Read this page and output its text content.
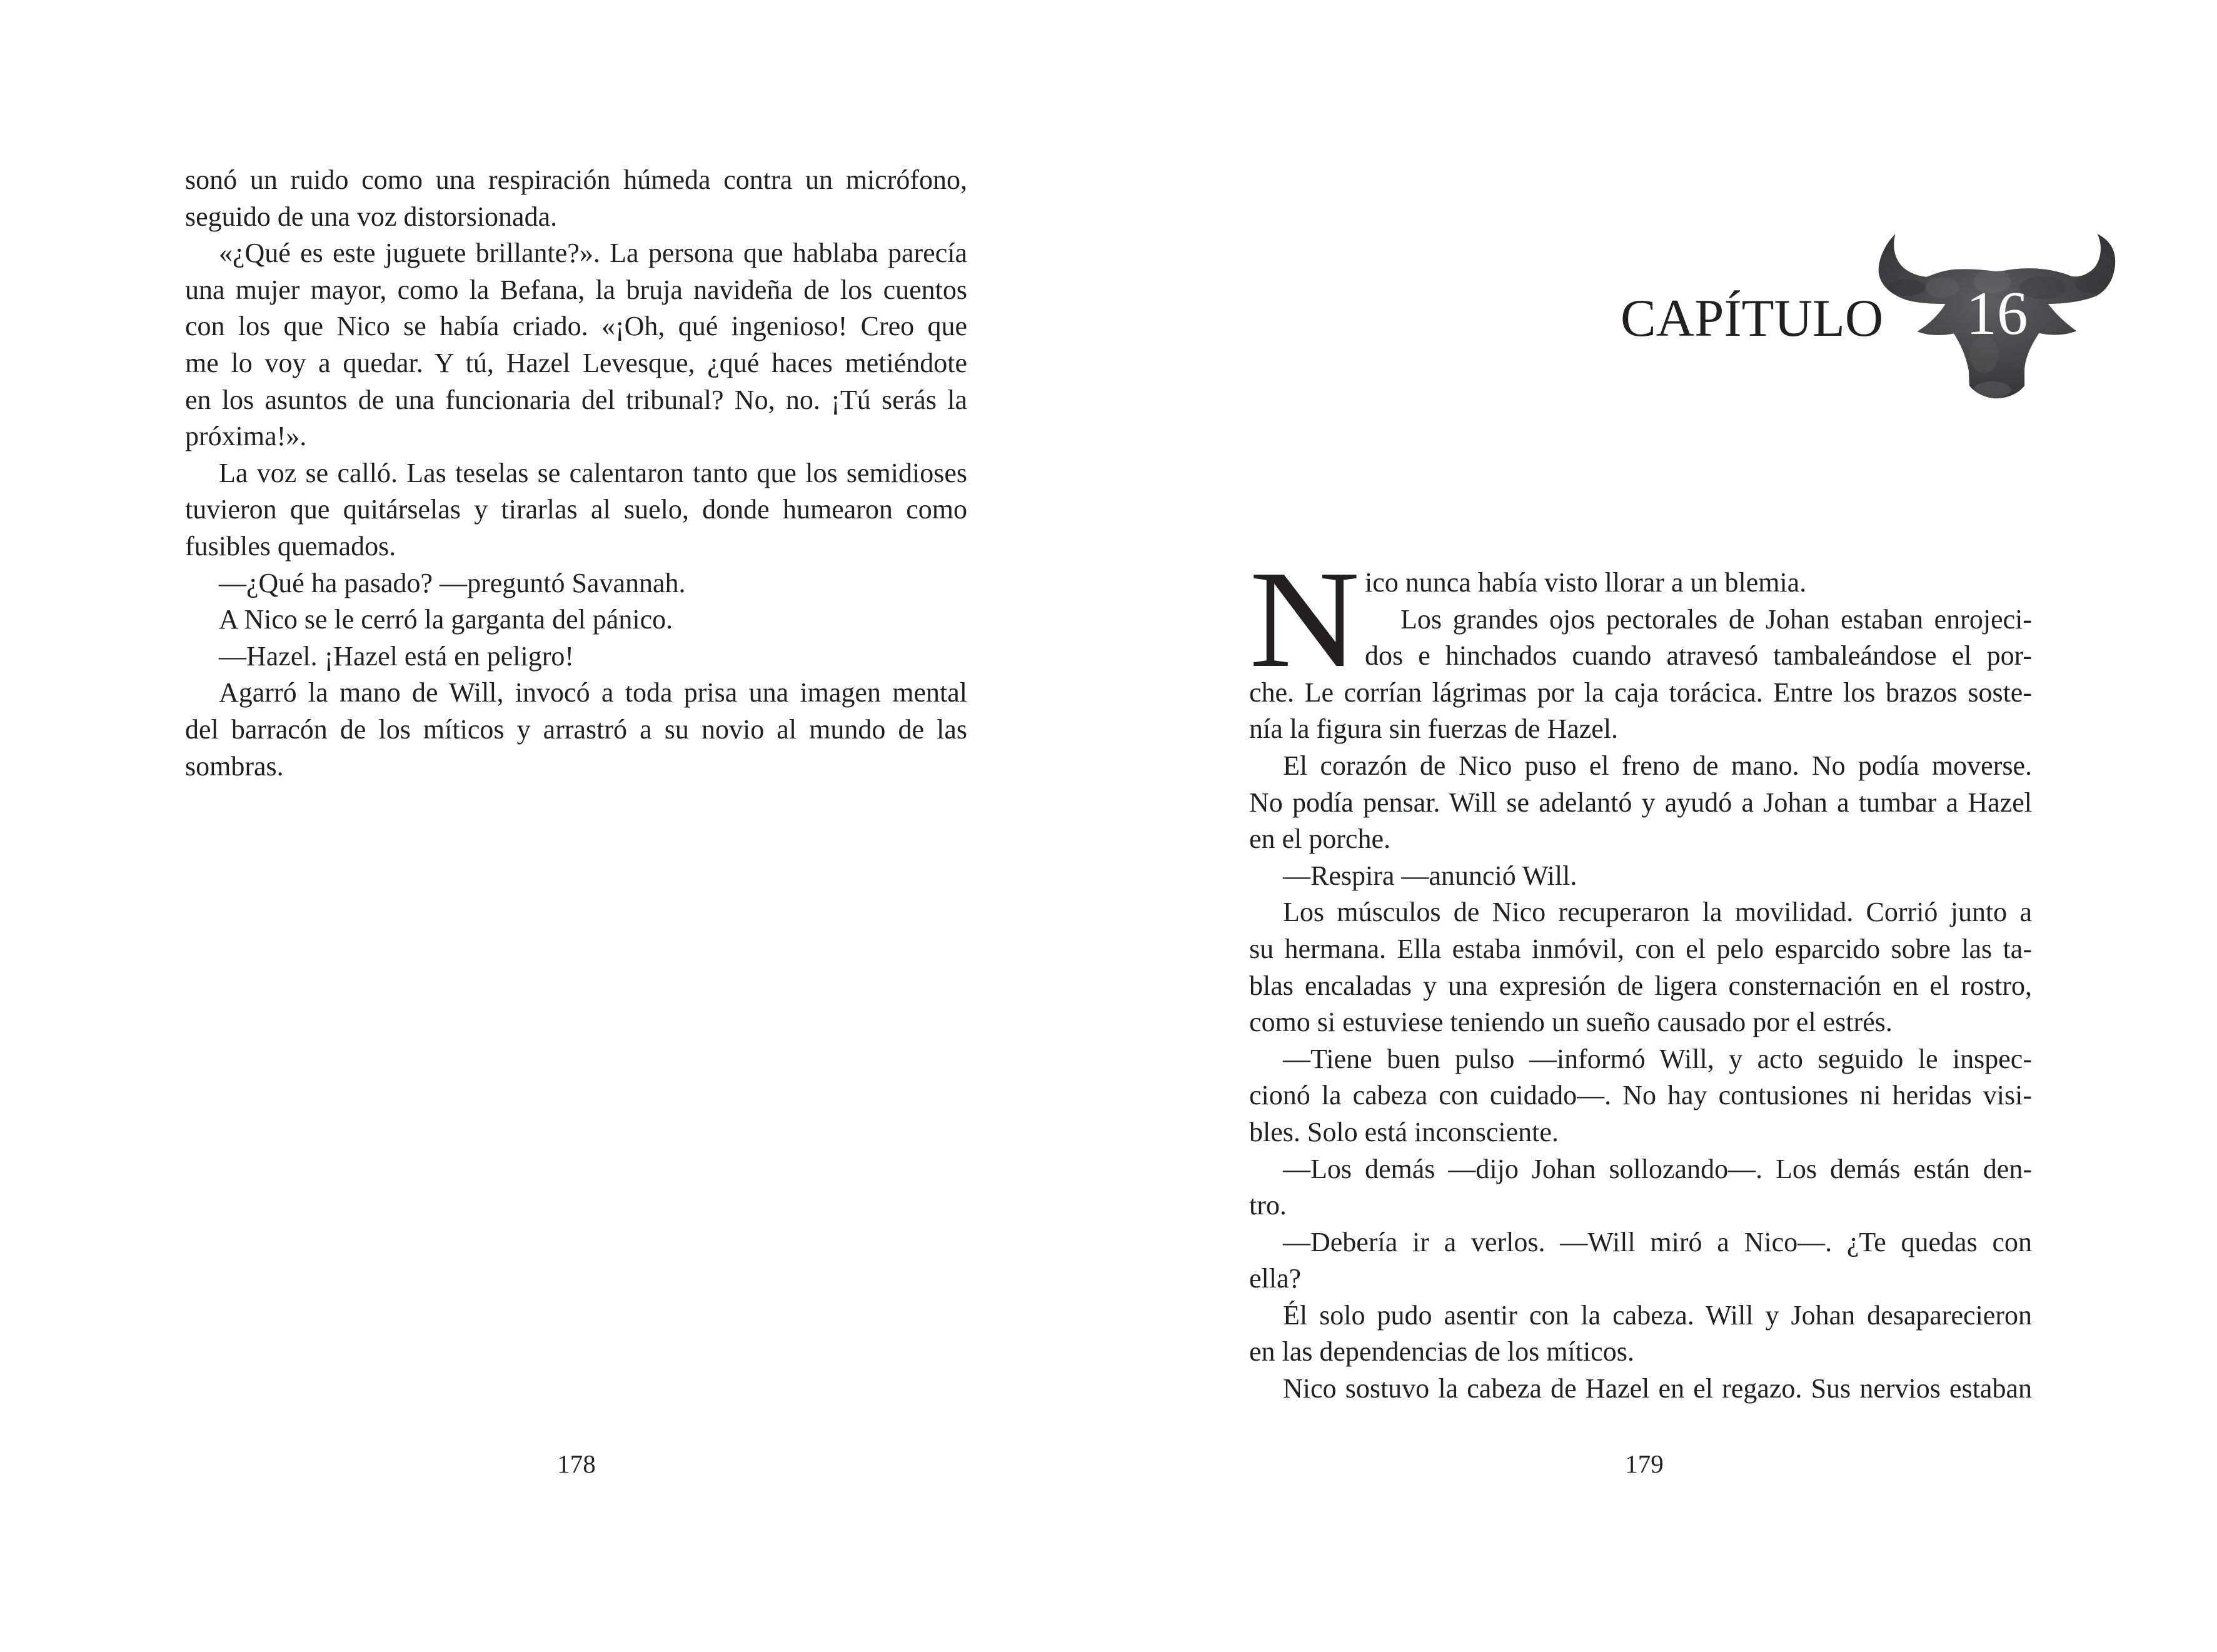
sonó un ruido como una respiración húmeda contra un micrófono,
seguido de una voz distorsionada.
«¿Qué es este juguete brillante?». La persona que hablaba parecía
una mujer mayor, como la Befana, la bruja navideña de los cuentos
con los que Nico se había criado. «¡Oh, qué ingenioso! Creo que
me lo voy a quedar. Y tú, Hazel Levesque, ¿qué haces metiéndote
en los asuntos de una funcionaria del tribunal? No, no. ¡Tú serás la
próxima!».
La voz se calló. Las teselas se calentaron tanto que los semidioses
tuvieron que quitárselas y tirarlas al suelo, donde humearon como
fusibles quemados.
—¿Qué ha pasado? —preguntó Savannah.
A Nico se le cerró la garganta del pánico.
—Hazel. ¡Hazel está en peligro!
Agarró la mano de Will, invocó a toda prisa una imagen mental
del barracón de los míticos y arrastró a su novio al mundo de las
sombras.
178
CAPÍTULO 16
N ico nunca había visto llorar a un blemia.
Los grandes ojos pectorales de Johan estaban enrojeci-
dos e hinchados cuando atravesó tambaleándose el por-
che. Le corrían lágrimas por la caja torácica. Entre los brazos soste-
nía la figura sin fuerzas de Hazel.
El corazón de Nico puso el freno de mano. No podía moverse.
No podía pensar. Will se adelantó y ayudó a Johan a tumbar a Hazel
en el porche.
—Respira —anunció Will.
Los músculos de Nico recuperaron la movilidad. Corrió junto a
su hermana. Ella estaba inmóvil, con el pelo esparcido sobre las ta-
blas encaladas y una expresión de ligera consternación en el rostro,
como si estuviese teniendo un sueño causado por el estrés.
—Tiene buen pulso —informó Will, y acto seguido le inspec-
cionó la cabeza con cuidado—. No hay contusiones ni heridas visi-
bles. Solo está inconsciente.
—Los demás —dijo Johan sollozando—. Los demás están den-
tro.
—Debería ir a verlos. —Will miró a Nico—. ¿Te quedas con
ella?
Él solo pudo asentir con la cabeza. Will y Johan desaparecieron
en las dependencias de los míticos.
Nico sostuvo la cabeza de Hazel en el regazo. Sus nervios estaban
179
